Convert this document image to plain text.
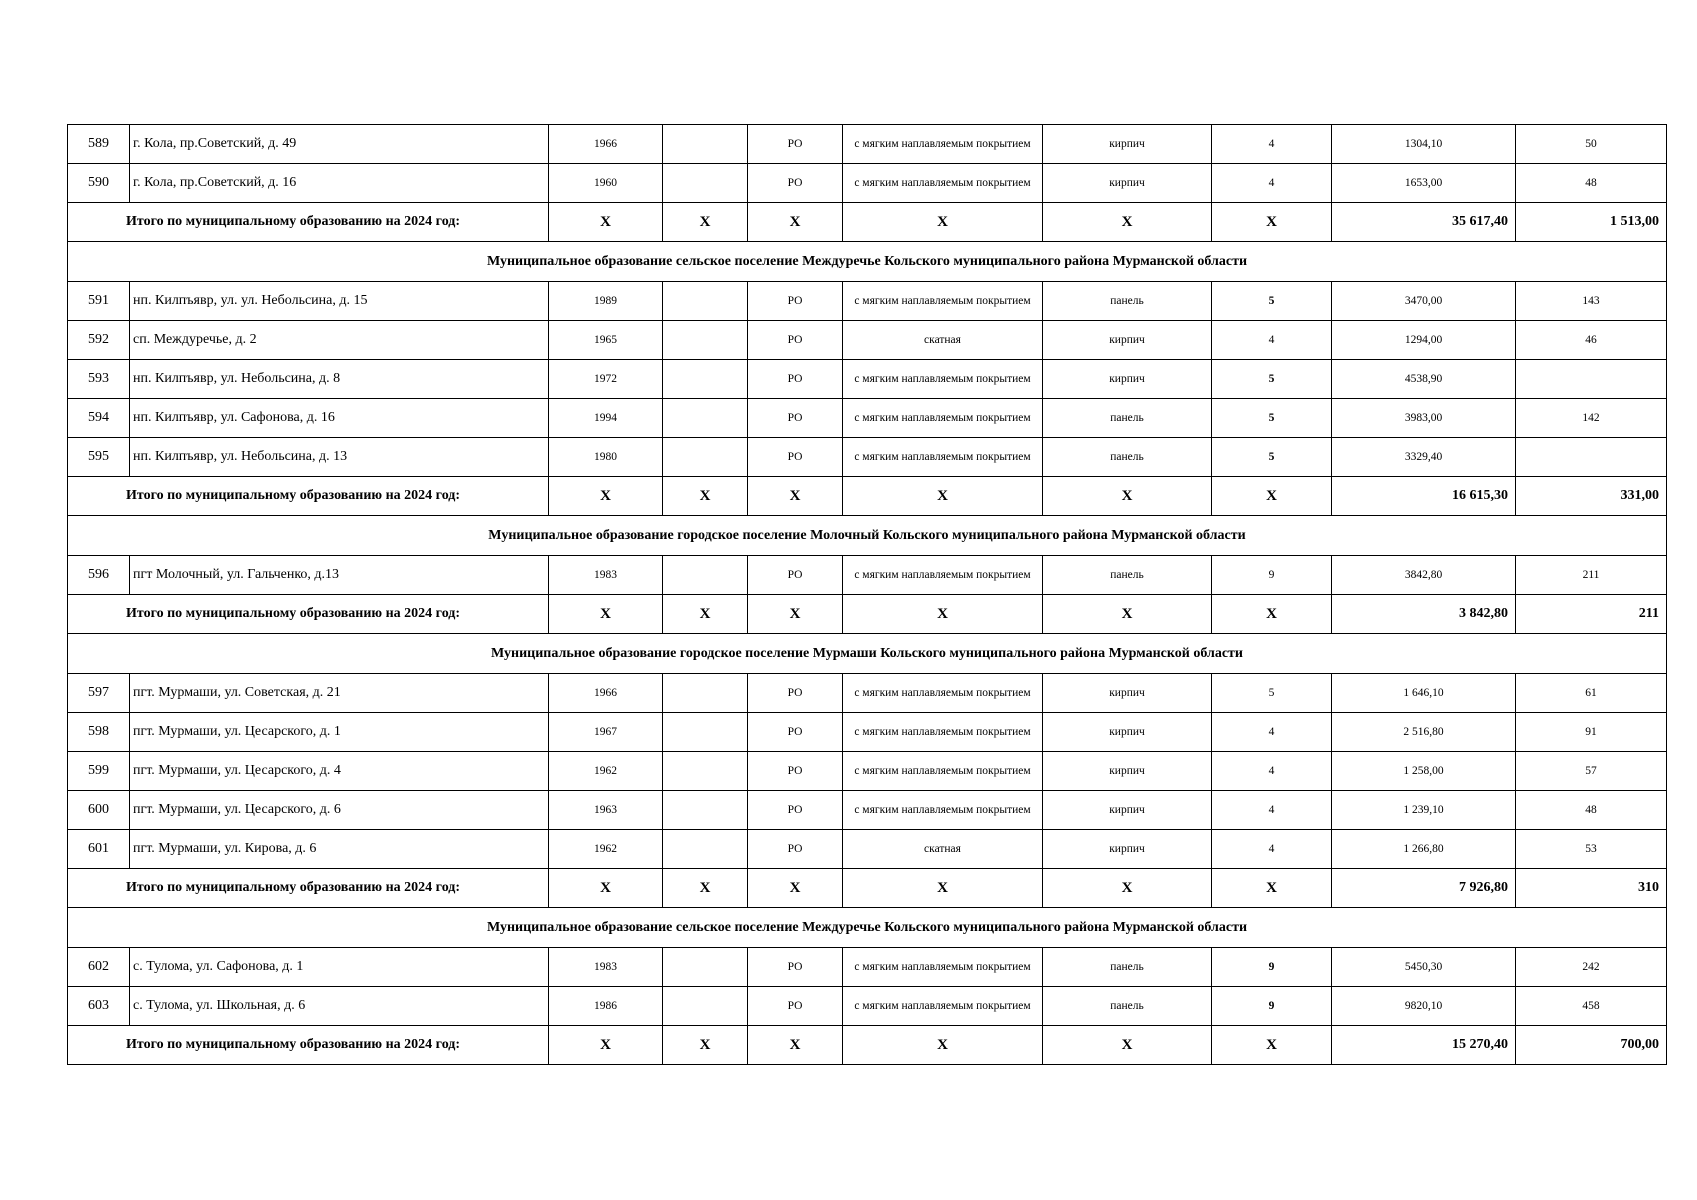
589	г. Кола, пр.Советский, д. 49	1966		РО	с мягким наплавляемым покрытием	кирпич	4	1304,10	50
590	г. Кола, пр.Советский, д. 16	1960		РО	с мягким наплавляемым покрытием	кирпич	4	1653,00	48
Итого по муниципальному образованию на 2024 год:		X	X	X	X	X	X	35 617,40	1 513,00
Муниципальное образование сельское поселение Междуречье Кольского муниципального района Мурманской области									
591	нп. Килпъявр, ул. ул. Небольсина, д. 15	1989		РО	с мягким наплавляемым покрытием	панель	5	3470,00	143
592	сп. Междуречье, д. 2	1965		РО	скатная	кирпич	4	1294,00	46
593	нп. Килпъявр, ул. Небольсина, д. 8	1972		РО	с мягким наплавляемым покрытием	кирпич	5	4538,90	
594	нп. Килпъявр, ул. Сафонова, д. 16	1994		РО	с мягким наплавляемым покрытием	панель	5	3983,00	142
595	нп. Килпъявр, ул. Небольсина, д. 13	1980		РО	с мягким наплавляемым покрытием	панель	5	3329,40	
Итого по муниципальному образованию на 2024 год:		X	X	X	X	X	X	16 615,30	331,00
Муниципальное образование городское поселение Молочный Кольского муниципального района Мурманской области									
596	пгт Молочный, ул. Гальченко, д.13	1983		РО	с мягким наплавляемым покрытием	панель	9	3842,80	211
Итого по муниципальному образованию на 2024 год:		X	X	X	X	X	X	3 842,80	211
Муниципальное образование городское поселение Мурмаши Кольского муниципального района Мурманской области									
597	пгт. Мурмаши, ул. Советская, д. 21	1966		РО	с мягким наплавляемым покрытием	кирпич	5	1 646,10	61
598	пгт. Мурмаши, ул. Цесарского, д. 1	1967		РО	с мягким наплавляемым покрытием	кирпич	4	2 516,80	91
599	пгт. Мурмаши, ул. Цесарского, д. 4	1962		РО	с мягким наплавляемым покрытием	кирпич	4	1 258,00	57
600	пгт. Мурмаши, ул. Цесарского, д. 6	1963		РО	с мягким наплавляемым покрытием	кирпич	4	1 239,10	48
601	пгт. Мурмаши, ул. Кирова, д. 6	1962		РО	скатная	кирпич	4	1 266,80	53
Итого по муниципальному образованию на 2024 год:		X	X	X	X	X	X	7 926,80	310
Муниципальное образование сельское поселение Междуречье Кольского муниципального района Мурманской области									
602	с. Тулома, ул. Сафонова, д. 1	1983		РО	с мягким наплавляемым покрытием	панель	9	5450,30	242
603	с. Тулома, ул. Школьная, д. 6	1986		РО	с мягким наплавляемым покрытием	панель	9	9820,10	458
Итого по муниципальному образованию на 2024 год:		X	X	X	X	X	X	15 270,40	700,00
